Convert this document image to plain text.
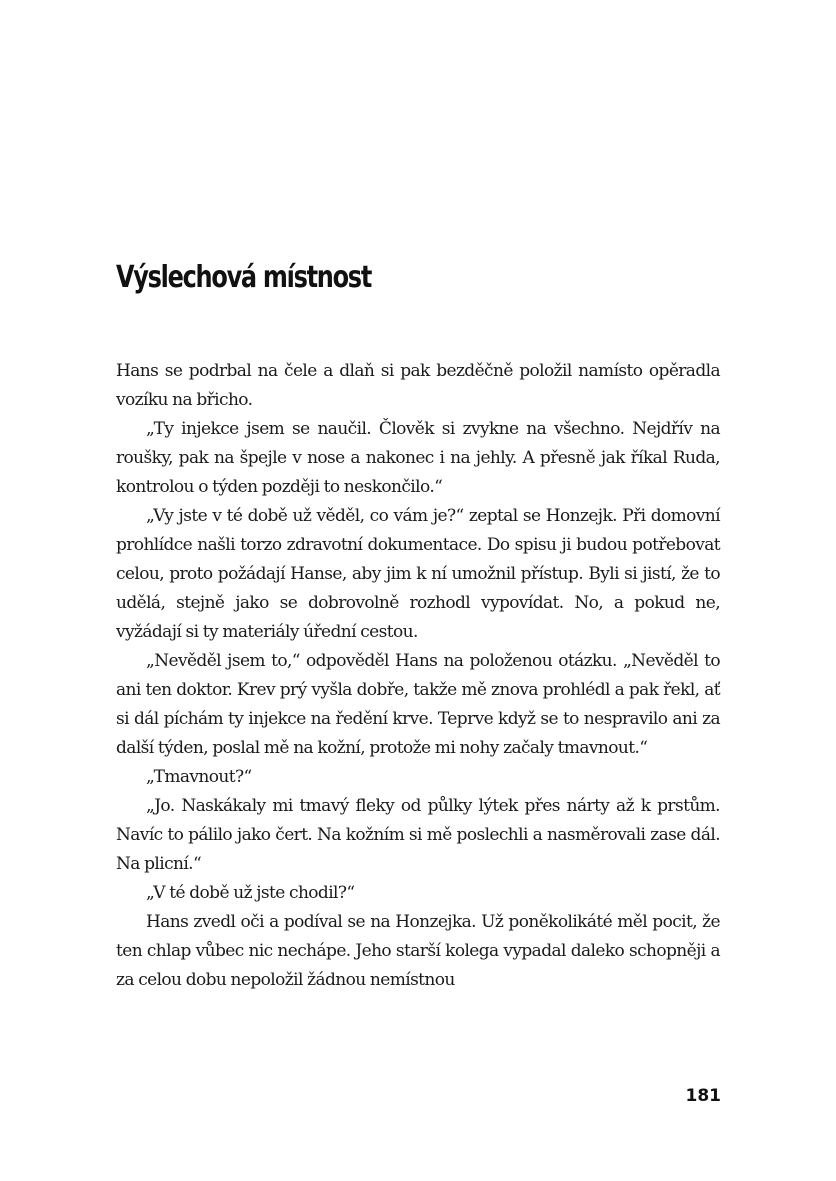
Výslechová místnost

Hans se podrbal na čele a dlaň si pak bezděčně položil namísto opěradla vozíku na břicho.

„Ty injekce jsem se naučil. Člověk si zvykne na všechno. Nejdřív na roušky, pak na špejle v nose a nakonec i na jehly. A přesně jak říkal Ruda, kontrolou o týden později to neskončilo.“

„Vy jste v té době už věděl, co vám je?“ zeptal se Honzejk. Při domovní prohlídce našli torzo zdravotní dokumentace. Do spisu ji budou potřebovat celou, proto požádají Hanse, aby jim k ní umožnil přístup. Byli si jistí, že to udělá, stejně jako se dobrovolně rozhodl vypovídat. No, a pokud ne, vyžádají si ty materiály úřední cestou.

„Nevěděl jsem to,“ odpověděl Hans na položenou otázku. „Nevěděl to ani ten doktor. Krev prý vyšla dobře, takže mě znova prohlédl a pak řekl, ať si dál píchám ty injekce na ředění krve. Teprve když se to nespravilo ani za další týden, poslal mě na kožní, protože mi nohy začaly tmavnout.“

„Tmavnout?“

„Jo. Naskákaly mi tmavý fleky od půlky lýtek přes nárty až k prstům. Navíc to pálilo jako čert. Na kožním si mě poslechli a nasměrovali zase dál. Na plicní.“

„V té době už jste chodil?“

Hans zvedl oči a podíval se na Honzejka. Už poněkolikáté měl pocit, že ten chlap vůbec nic nechápe. Jeho starší kolega vypadal daleko schopněji a za celou dobu nepoložil žádnou nemístnou

181
